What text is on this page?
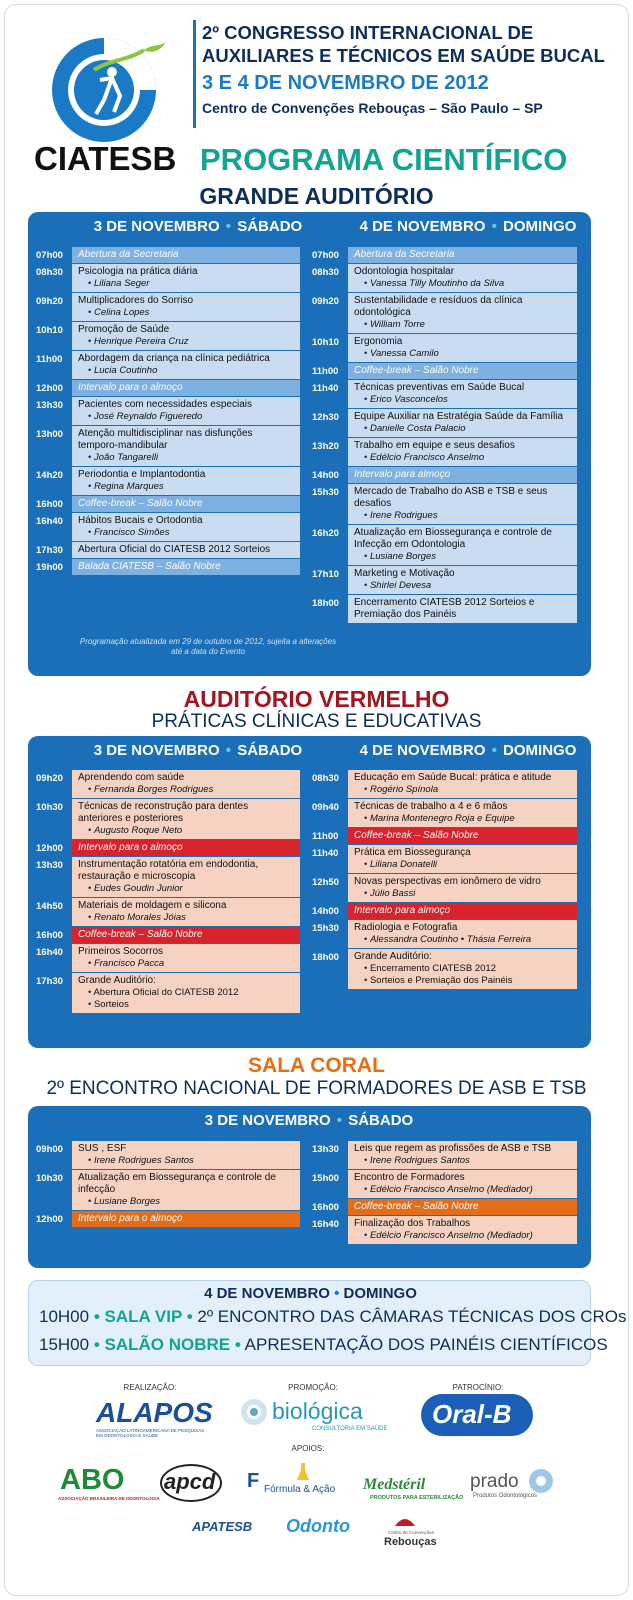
CIATESB
2º CONGRESSO INTERNACIONAL DE
AUXILIARES E TÉCNICOS EM SAÚDE BUCAL
3 E 4 DE NOVEMBRO DE 2012
Centro de Convenções Rebouças – São Paulo – SP
PROGRAMA CIENTÍFICO
GRANDE AUDITÓRIO
3 DE NOVEMBRO • SÁBADO	4 DE NOVEMBRO • DOMINGO
07h00	Abertura da Secretaria
08h30	Psicologia na prática diária
• Liliana Seger
09h20	Multiplicadores do Sorriso
• Celina Lopes
10h10	Promoção de Saúde
• Henrique Pereira Cruz
11h00	Abordagem da criança na clínica pediátrica
• Lucia Coutinho
12h00	Intervalo para o almoço
13h30	Pacientes com necessidades especiais
• José Reynaldo Figueredo
13h00	Atenção multidisciplinar nas disfunções temporo-mandibular
• João Tangarelli
14h20	Periodontia e Implantodontia
• Regina Marques
16h00	Coffee-break – Salão Nobre
16h40	Hábitos Bucais e Ortodontia
• Francisco Simões
17h30	Abertura Oficial do CIATESB 2012 Sorteios
19h00	Balada CIATESB – Salão Nobre
07h00	Abertura da Secretaria
08h30	Odontologia hospitalar
• Vanessa Tilly Moutinho da Silva
09h20	Sustentabilidade e resíduos da clínica odontológica
• William Torre
10h10	Ergonomia
• Vanessa Camilo
11h00	Coffee-break – Salão Nobre
11h40	Técnicas preventivas em Saúde Bucal
• Erico Vasconcelos
12h30	Equipe Auxiliar na Estratégia Saúde da Família
• Danielle Costa Palacio
13h20	Trabalho em equipe e seus desafios
• Edélcio Francisco Anselmo
14h00	Intervalo para almoço
15h30	Mercado de Trabalho do ASB e TSB e seus desafios
• Irene Rodrigues
16h20	Atualização em Biossegurança e controle de Infecção em Odontologia
• Lusiane Borges
17h10	Marketing e Motivação
• Shirlei Devesa
18h00	Encerramento CIATESB 2012 Sorteios e Premiação dos Painéis
Programação atualizada em 29 de outubro de 2012, sujeita a alterações até a data do Evento
AUDITÓRIO VERMELHO
PRÁTICAS CLÍNICAS E EDUCATIVAS
3 DE NOVEMBRO • SÁBADO	4 DE NOVEMBRO • DOMINGO
09h20	Aprendendo com saúde
• Fernanda Borges Rodrigues
10h30	Técnicas de reconstrução para dentes anteriores e posteriores
• Augusto Roque Neto
12h00	Intervalo para o almoço
13h30	Instrumentação rotatória em endodontia, restauração e microscopia
• Eudes Goudin Junior
14h50	Materiais de moldagem e silicona
• Renato Morales Jóias
16h00	Coffee-break – Salão Nobre
16h40	Primeiros Socorros
• Francisco Pacca
17h30	Grande Auditório:
• Abertura Oficial do CIATESB 2012
• Sorteios
08h30	Educação em Saúde Bucal: prática e atitude
• Rogério Spínola
09h40	Técnicas de trabalho a 4 e 6 mãos
• Marina Montenegro Roja e Equipe
11h00	Coffee-break – Salão Nobre
11h40	Prática em Biossegurança
• Liliana Donatelli
12h50	Novas perspectivas em ionômero de vidro
• Júlio Bassi
14h00	Intervalo para almoço
15h30	Radiologia e Fotografia
• Alessandra Coutinho • Thásia Ferreira
18h00	Grande Auditório:
• Encerramento CIATESB 2012
• Sorteios e Premiação dos Painéis
SALA CORAL
2º ENCONTRO NACIONAL DE FORMADORES DE ASB E TSB
3 DE NOVEMBRO • SÁBADO
09h00	SUS , ESF
• Irene Rodrigues Santos
10h30	Atualização em Biossegurança e controle de infecção
• Lusiane Borges
12h00	Intervalo para o almoço
13h30	Leis que regem as profissões de ASB e TSB
• Irene Rodrigues Santos
15h00	Encontro de Formadores
• Edélcio Francisco Anselmo (Mediador)
16h00	Coffee-break – Salão Nobre
16h40	Finalização dos Trabalhos
• Edélcio Francisco Anselmo (Mediador)
4 DE NOVEMBRO • DOMINGO
10H00 • SALA VIP • 2º ENCONTRO DAS CÂMARAS TÉCNICAS DOS CROs
15H00 • SALÃO NOBRE • APRESENTAÇÃO DOS PAINÉIS CIENTÍFICOS
REALIZAÇÃO:	PROMOÇÃO:	PATROCÍNIO:
ALAPOS
ASSOCIAÇÃO LATINOAMERICANA DE PESQUISAS EM ODONTOLOGIA E SAÚDE
biológica
CONSULTORIA EM SAÚDE Oral-B
APOIOS:
ABO
ASSOCIAÇÃO BRASILEIRA DE ODONTOLOGIA
apcd F Fórmula & Ação Medstéril
PRODUTOS PARA ESTERILIZAÇÃO
prado
Produtos Odontológicos
APATESB Odonto	Centro de Convenções
Rebouças
